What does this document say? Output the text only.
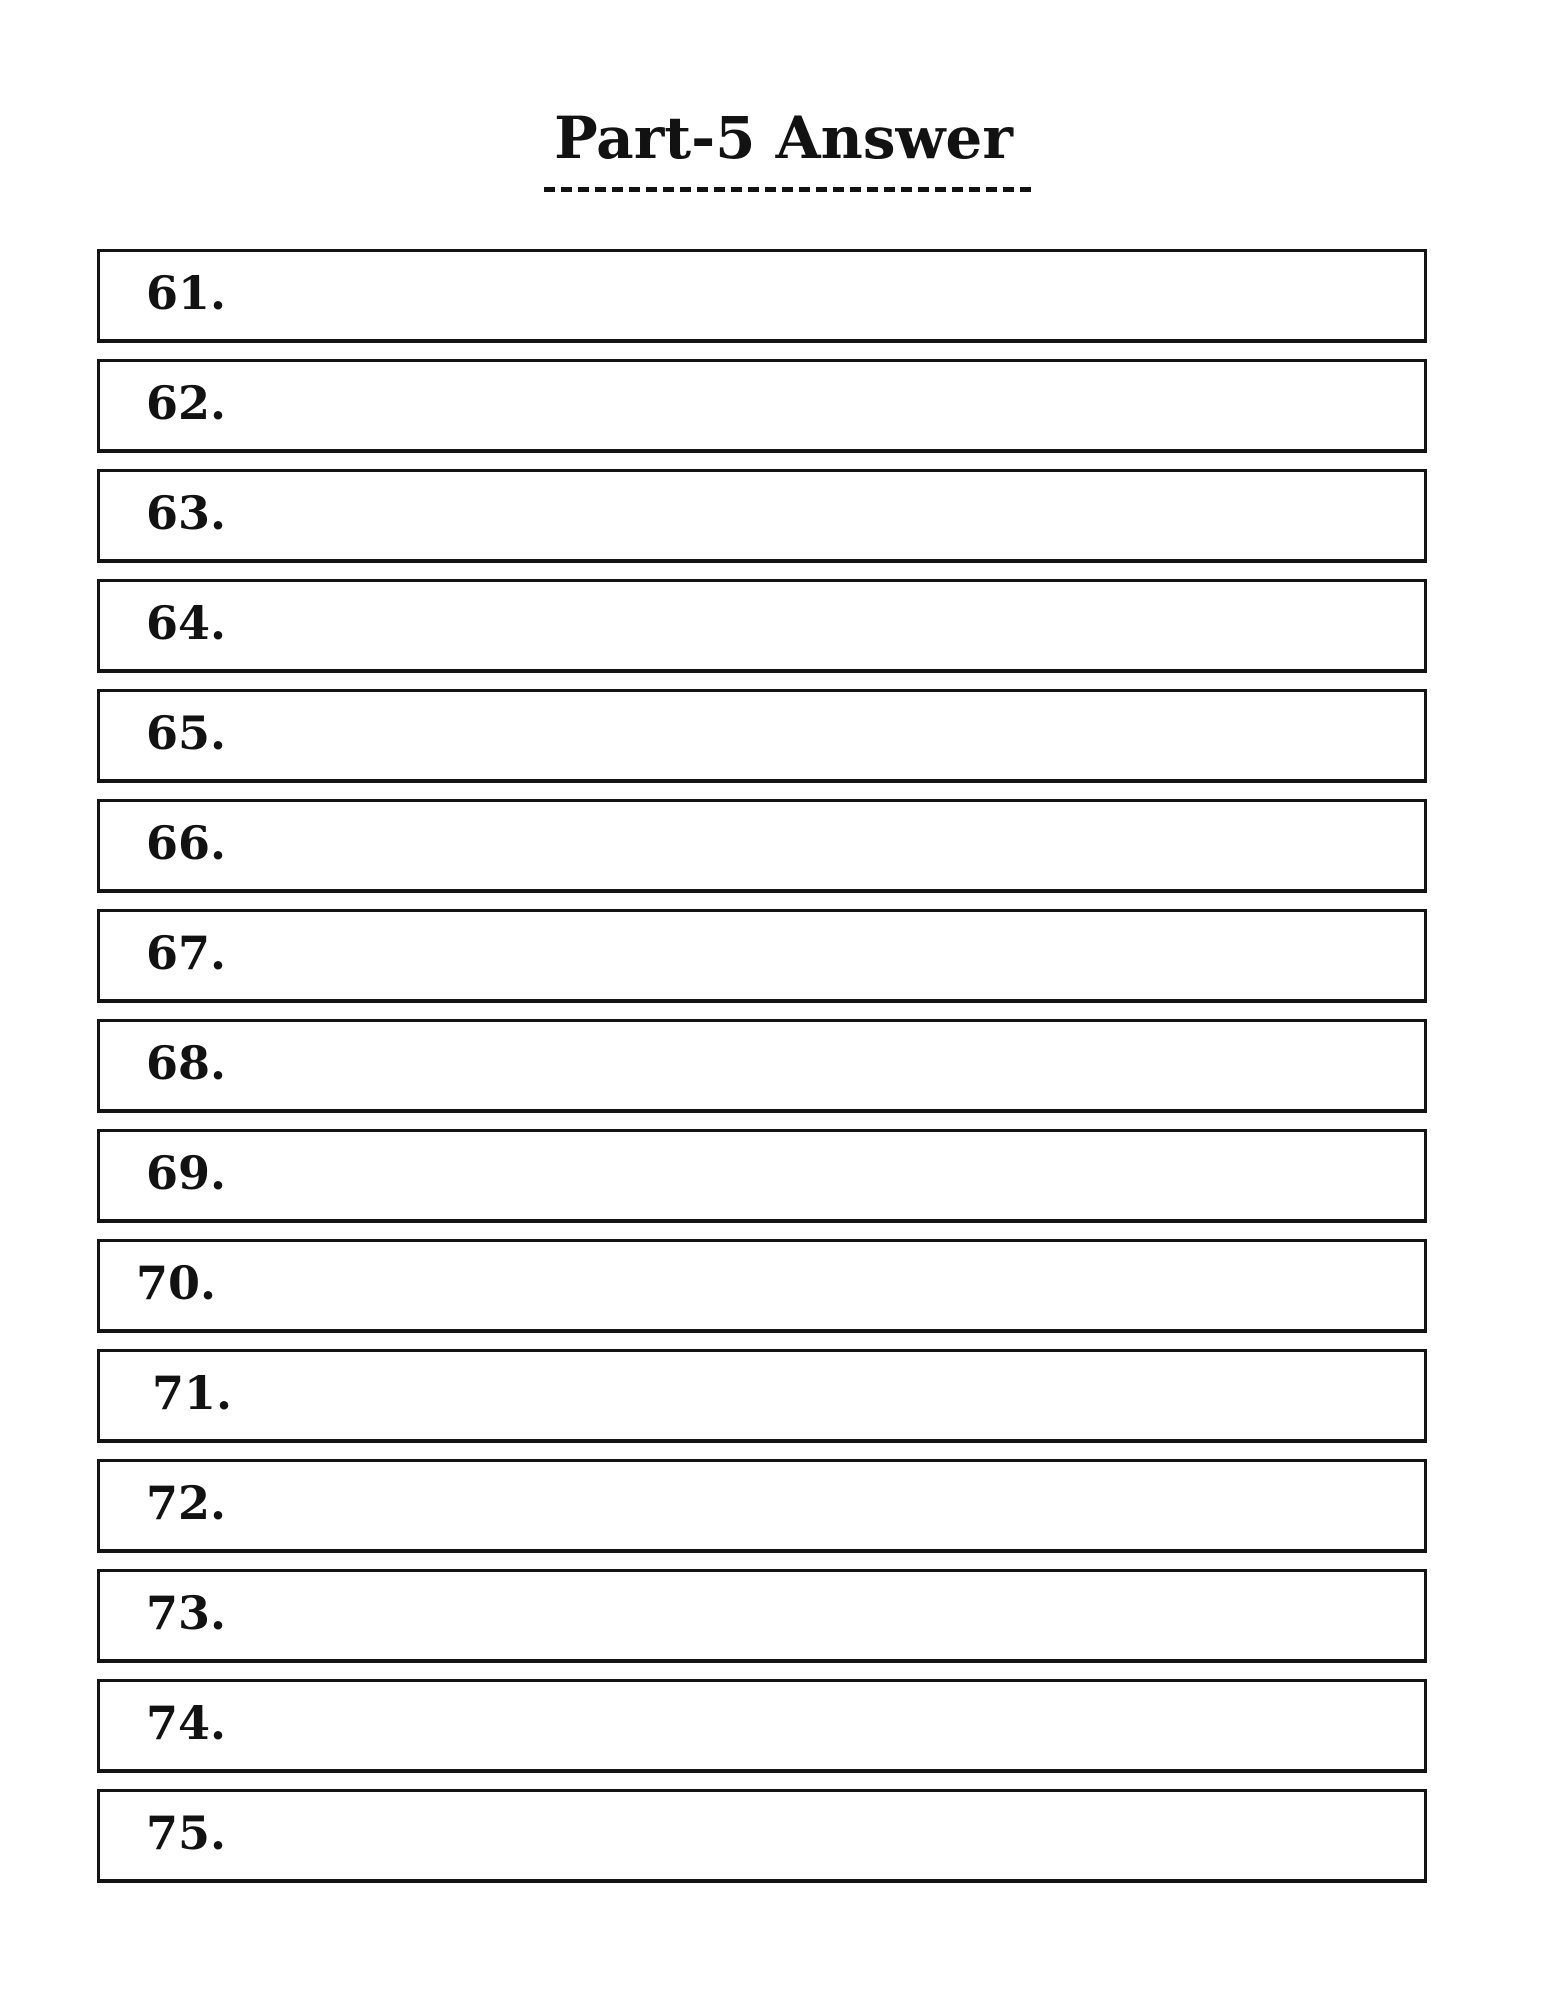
Part-5 Answer
61.
62.
63.
64.
65.
66.
67.
68.
69.
70.
71.
72.
73.
74.
75.
